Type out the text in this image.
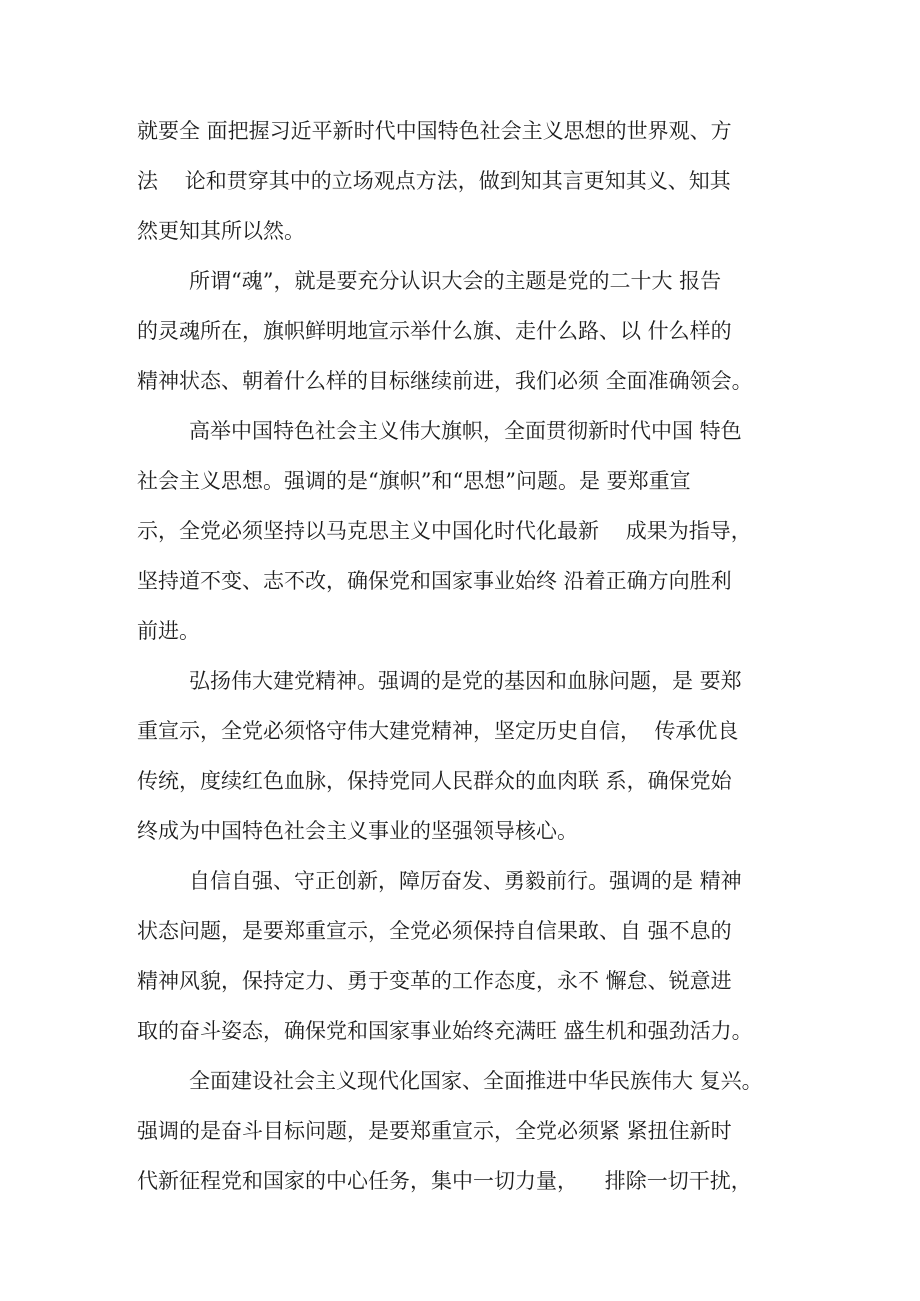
就要全 面把握习近平新时代中国特色社会主义思想的世界观、方
法    论和贯穿其中的立场观点方法，做到知其言更知其义、知其
然更知其所以然。
所谓“魂”，就是要充分认识大会的主题是党的二十大 报告
的灵魂所在，旗帜鲜明地宣示举什么旗、走什么路、以 什么样的
精神状态、朝着什么样的目标继续前进，我们必须 全面准确领会。
高举中国特色社会主义伟大旗帜，全面贯彻新时代中国 特色
社会主义思想。强调的是“旗帜”和“思想”问题。是 要郑重宣
示，全党必须坚持以马克思主义中国化时代化最新    成果为指导，
坚持道不变、志不改，确保党和国家事业始终 沿着正确方向胜利
前进。
弘扬伟大建党精神。强调的是党的基因和血脉问题，是 要郑
重宣示，全党必须恪守伟大建党精神，坚定历史自信，  传承优良
传统，度续红色血脉，保持党同人民群众的血肉联 系，确保党始
终成为中国特色社会主义事业的坚强领导核心。
自信自强、守正创新，障厉奋发、勇毅前行。强调的是 精神
状态问题，是要郑重宣示，全党必须保持自信果敢、自 强不息的
精神风貌，保持定力、勇于变革的工作态度，永不 懈怠、锐意进
取的奋斗姿态，确保党和国家事业始终充满旺 盛生机和强劲活力。
全面建设社会主义现代化国家、全面推进中华民族伟大 复兴。
强调的是奋斗目标问题，是要郑重宣示，全党必须紧 紧扭住新时
代新征程党和国家的中心任务，集中一切力量，    排除一切干扰，
